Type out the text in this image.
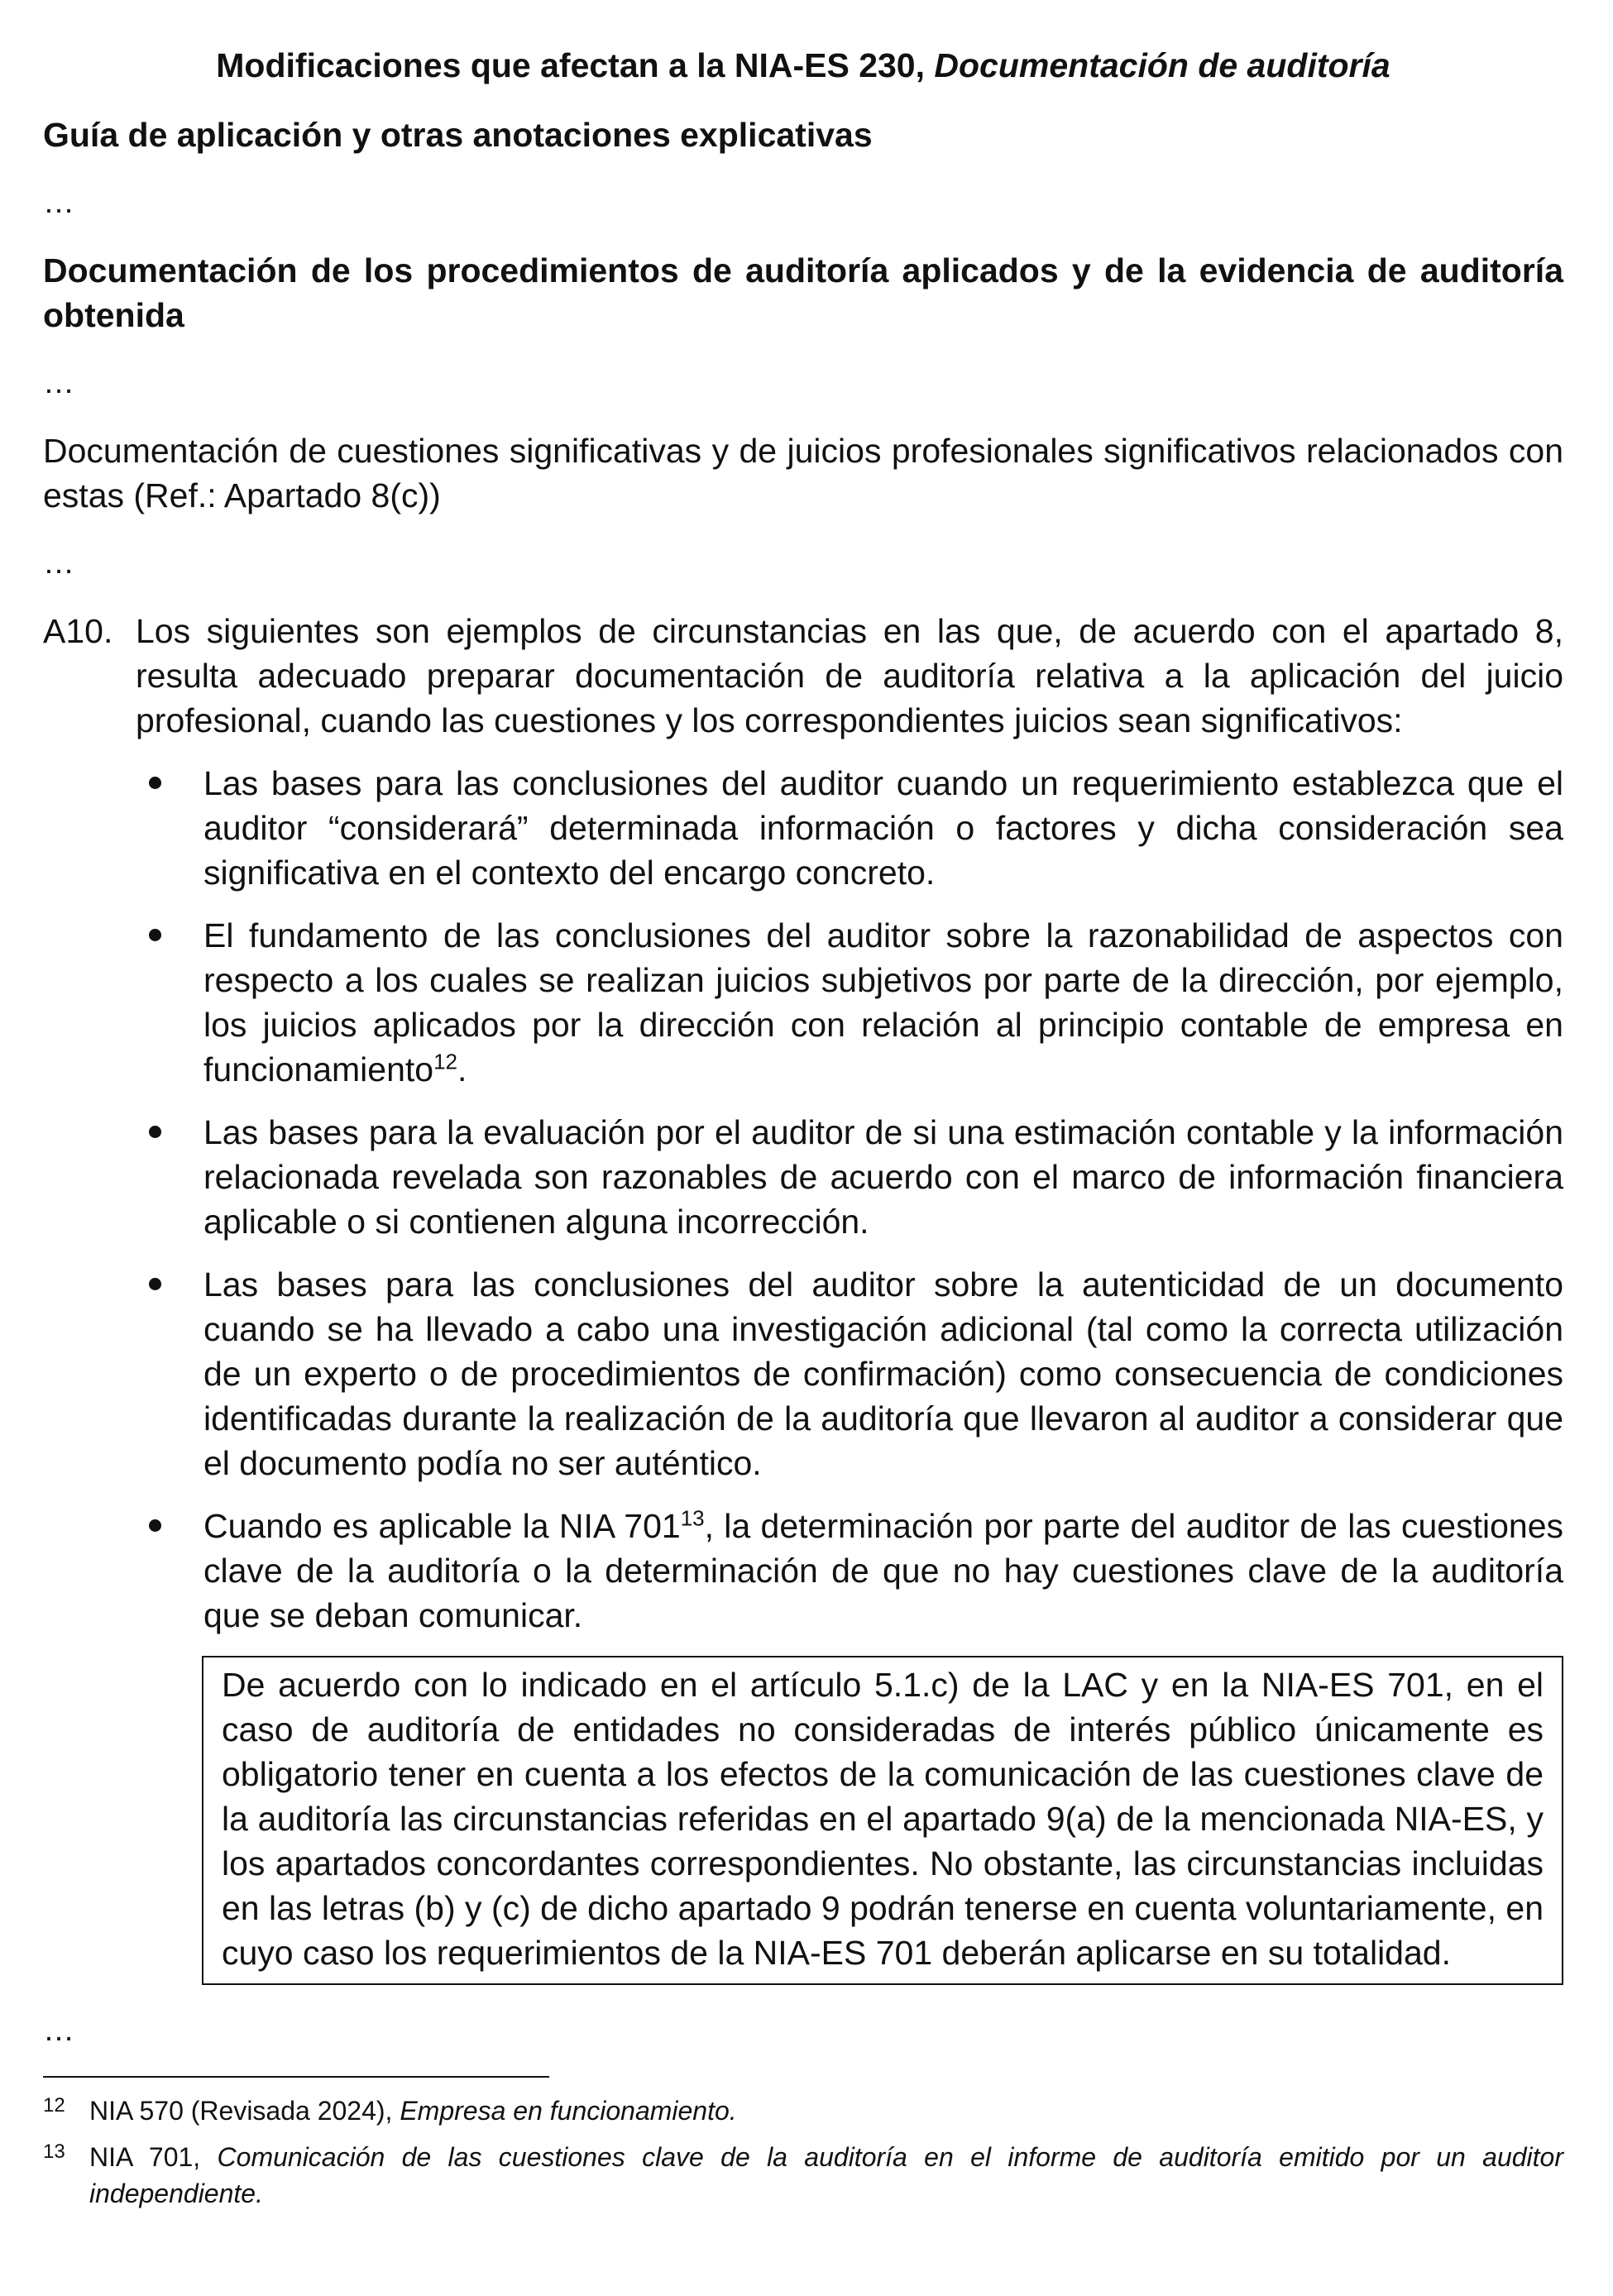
Modificaciones que afectan a la NIA-ES 230, Documentación de auditoría

Guía de aplicación y otras anotaciones explicativas

…

Documentación de los procedimientos de auditoría aplicados y de la evidencia de auditoría obtenida

…

Documentación de cuestiones significativas y de juicios profesionales significativos relacionados con estas (Ref.: Apartado 8(c))

…

A10. Los siguientes son ejemplos de circunstancias en las que, de acuerdo con el apartado 8, resulta adecuado preparar documentación de auditoría relativa a la aplicación del juicio profesional, cuando las cuestiones y los correspondientes juicios sean significativos:
Las bases para las conclusiones del auditor cuando un requerimiento establezca que el auditor “considerará” determinada información o factores y dicha consideración sea significativa en el contexto del encargo concreto.
El fundamento de las conclusiones del auditor sobre la razonabilidad de aspectos con respecto a los cuales se realizan juicios subjetivos por parte de la dirección, por ejemplo, los juicios aplicados por la dirección con relación al principio contable de empresa en funcionamiento$^{12}$.
Las bases para la evaluación por el auditor de si una estimación contable y la información relacionada revelada son razonables de acuerdo con el marco de información financiera aplicable o si contienen alguna incorrección.
Las bases para las conclusiones del auditor sobre la autenticidad de un documento cuando se ha llevado a cabo una investigación adicional (tal como la correcta utilización de un experto o de procedimientos de confirmación) como consecuencia de condiciones identificadas durante la realización de la auditoría que llevaron al auditor a considerar que el documento podía no ser auténtico.
Cuando es aplicable la NIA $701^{13}$, la determinación por parte del auditor de las cuestiones clave de la auditoría o la determinación de que no hay cuestiones clave de la auditoría que se deban comunicar.
De acuerdo con lo indicado en el artículo 5.1.c) de la LAC y en la NIA-ES 701, en el caso de auditoría de entidades no consideradas de interés público únicamente es obligatorio tener en cuenta a los efectos de la comunicación de las cuestiones clave de la auditoría las circunstancias referidas en el apartado 9(a) de la mencionada NIA-ES, y los apartados concordantes correspondientes. No obstante, las circunstancias incluidas en las letras (b) y (c) de dicho apartado 9 podrán tenerse en cuenta voluntariamente, en cuyo caso los requerimientos de la NIA-ES 701 deberán aplicarse en su totalidad.

…

12 NIA 570 (Revisada 2024), Empresa en funcionamiento.
13 NIA 701, Comunicación de las cuestiones clave de la auditoría en el informe de auditoría emitido por un auditor independiente.
